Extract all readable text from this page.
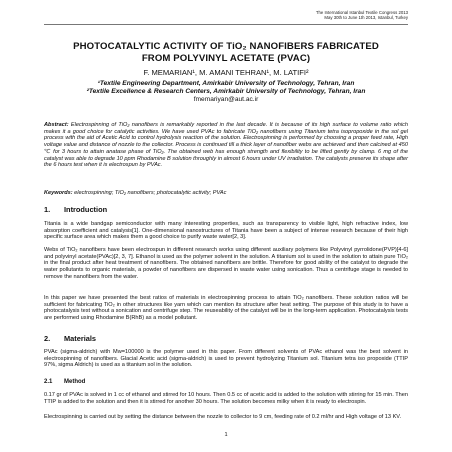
The International Istanbul Textile Congress 2013
May 30th to June 1th 2013, Istanbul, Turkey
PHOTOCATALYTIC ACTIVITY OF TiO₂ NANOFIBERS FABRICATED
FROM POLYVINYL ACETATE (PVAC)
F. MEMARIAN¹, M. AMANI TEHRAN¹, M. LATIFI²
¹Textile Engineering Department, Amirkabir University of Technology, Tehran, Iran
²Textile Excellence & Research Centers, Amirkabir University of Technology, Tehran, Iran
fmemariyan@aut.ac.ir
Abstract: Electrospinning of TiO₂ nanofibers is remarkably reported in the last decade. It is because of its high surface to volume ratio which makes it a good choice for catalytic activities. We have used PVAc to fabricate TiO₂ nanofibers using Titanium tetra isopropoxide in the sol gel process with the aid of Acetic Acid to control hydrolysis reaction of the solution. Electrospinning is performed by choosing a proper feed rate, High voltage value and distance of nozzle to the collector. Process is continued till a thick layer of nanofiber webs are achieved and then calcined at 450 ℃ for 3 hours to attain anatase phase of TiO₂. The obtained web has enough strength and flexibility to be lifted gently by clamp. 6 mg of the catalyst was able to degrade 10 ppm Rhodamine B solution throughly in almost 6 hours under UV irradiation. The catalysts preserve its shape after the 6 hours test when it is electrospun by PVAc.
Keywords: electrospinning; TiO₂ nanofibers; photocatalytic activity; PVAc
1. Introduction
Titania is a wide bandgap semiconductor with many interesting properties, such as transparency to visible light, high refractive index, low absorption coefficient and catalysis[1]. One-dimensional nanostructures of Titania have been a subject of intense research because of their high specific surface area which makes them a good choice to purify waste water[2, 3].
Webs of TiO₂ nanofibers have been electrospun in different research works using different auxiliary polymers like Polyvinyl pyrrolidone(PVP)[4-6] and polyvinyl acetate(PVAc)[2, 3, 7]. Ethanol is used as the polymer solvent in the solution. A titanium sol is used in the solution to attain pure TiO₂ in the final product after heat treatment of nanofibers. The obtained nanofibers are brittle. Therefore for good ability of the catalyst to degrade the water pollutants to organic materials, a powder of nanofibers are dispersed in waste water using sonication. Thus a centrifuge stage is needed to remove the nanofibers from the water.
In this paper we have presented the best ratios of materials in electrospinning process to attain TiO₂ nanofibers. These solution ratios will be sufficient for fabricating TiO₂ in other structures like yarn which can mention its structure after heat setting. The purpose of this study is to have a photocatalysis test without a sonication and centrifuge step. The reuseability of the catalyst will be in the long-term application. Photocatalysis tests are performed using Rhodamine B(RhB) as a model pollutant.
2. Materials
PVAc (sigma-aldrich) with Mw=100000 is the polymer used in this paper. From different solvents of PVAc ethanol was the best solvent in electrospinning of nanofibers. Glacial Acetic acid (sigma-aldrich) is used to prevent hydrolyzing Titanium sol. Titanium tetra iso propoxide (TTIP 97%, sigma Aldrich) is used as a titanium sol in the solution.
2.1 Method
0.17 gr of PVAc is solved in 1 cc of ethanol and stirred for 10 hours. Then 0.5 cc of acetic acid is added to the solution with stirring for 15 min. Then TTIP is added to the solution and then it is stirred for another 30 hours. The solution becomes milky when it is ready to electrospin.
Electrospinning is carried out by setting the distance between the nozzle to collector to 9 cm, feeding rate of 0.2 ml/hr and High voltage of 13 KV.
1
